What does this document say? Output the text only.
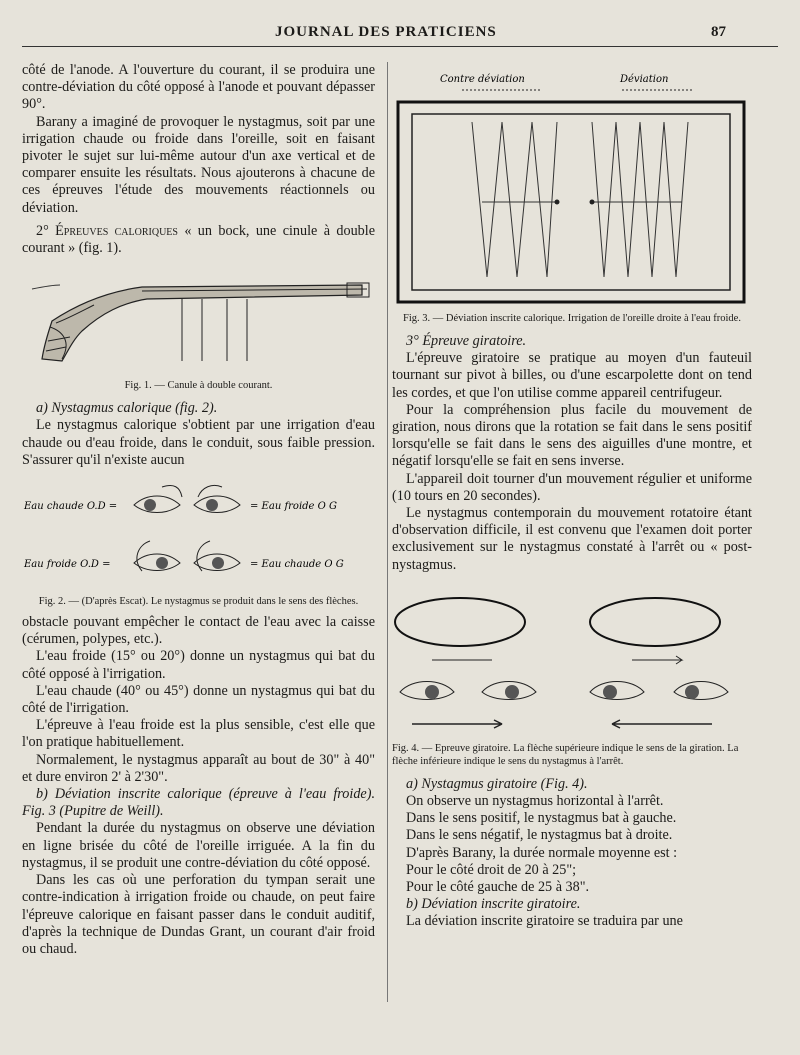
JOURNAL DES PRATICIENS	87

côté de l'anode. A l'ouverture du courant, il se produira une contre-déviation du côté opposé à l'anode et pouvant dépasser 90°.

Barany a imaginé de provoquer le nystagmus, soit par une irrigation chaude ou froide dans l'oreille, soit en faisant pivoter le sujet sur lui-même autour d'un axe vertical et de comparer ensuite les résultats. Nous ajouterons à chacune de ces épreuves l'étude des mouvements réactionnels ou déviation.

2° Épreuves caloriques « un bock, une cinule à double courant » (fig. 1).

Fig. 1. — Canule à double courant.

a) Nystagmus calorique (fig. 2).

Le nystagmus calorique s'obtient par une irrigation d'eau chaude ou d'eau froide, dans le conduit, sous faible pression. S'assurer qu'il n'existe aucun

Eau chaude O.D =	= Eau froide O G
Eau froide O.D =	= Eau chaude O G

Fig. 2. — (D'après Escat). Le nystagmus se produit dans le sens des flèches.

obstacle pouvant empêcher le contact de l'eau avec la caisse (cérumen, polypes, etc.).

L'eau froide (15° ou 20°) donne un nystagmus qui bat du côté opposé à l'irrigation.

L'eau chaude (40° ou 45°) donne un nystagmus qui bat du côté de l'irrigation.

L'épreuve à l'eau froide est la plus sensible, c'est elle que l'on pratique habituellement.

Normalement, le nystagmus apparaît au bout de 30" à 40" et dure environ 2' à 2'30".

b) Déviation inscrite calorique (épreuve à l'eau froide). Fig. 3 (Pupitre de Weill).

Pendant la durée du nystagmus on observe une déviation en ligne brisée du côté de l'oreille irriguée. A la fin du nystagmus, il se produit une contre-déviation du côté opposé.

Dans les cas où une perforation du tympan serait une contre-indication à irrigation froide ou chaude, on peut faire l'épreuve calorique en faisant passer dans le conduit auditif, d'après la technique de Dundas Grant, un courant d'air froid ou chaud.

Contre déviation	Déviation

Fig. 3. — Déviation inscrite calorique. Irrigation de l'oreille droite à l'eau froide.

3° Épreuve giratoire.

L'épreuve giratoire se pratique au moyen d'un fauteuil tournant sur pivot à billes, ou d'une escarpolette dont on tend les cordes, et que l'on utilise comme appareil centrifugeur.

Pour la compréhension plus facile du mouvement de giration, nous dirons que la rotation se fait dans le sens positif lorsqu'elle se fait dans le sens des aiguilles d'une montre, et négatif lorsqu'elle se fait en sens inverse.

L'appareil doit tourner d'un mouvement régulier et uniforme (10 tours en 20 secondes).

Le nystagmus contemporain du mouvement rotatoire étant d'observation difficile, il est convenu que l'examen doit porter exclusivement sur le nystagmus constaté à l'arrêt ou « post-nystagmus.

Fig. 4. — Epreuve giratoire. La flèche supérieure indique le sens de la giration. La flèche inférieure indique le sens du nystagmus à l'arrêt.

a) Nystagmus giratoire (Fig. 4).

On observe un nystagmus horizontal à l'arrêt.

Dans le sens positif, le nystagmus bat à gauche.

Dans le sens négatif, le nystagmus bat à droite.

D'après Barany, la durée normale moyenne est :

Pour le côté droit de 20 à 25";

Pour le côté gauche de 25 à 38".

b) Déviation inscrite giratoire.

La déviation inscrite giratoire se traduira par une
